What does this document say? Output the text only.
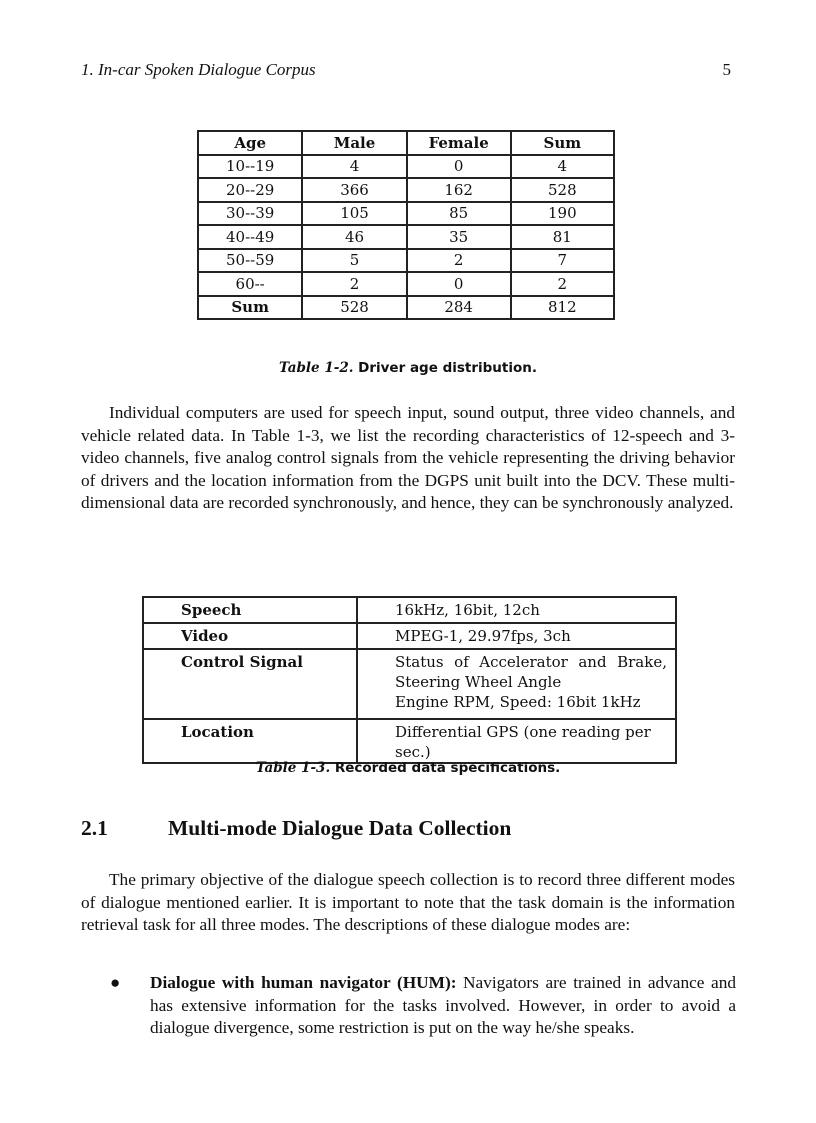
1. In-car Spoken Dialogue Corpus	5
Age	Male	Female	Sum
10--19	4	0	4
20--29	366	162	528
30--39	105	85	190
40--49	46	35	81
50--59	5	2	7
60--	2	0	2
Sum	528	284	812
Table 1-2. Driver age distribution.

Individual computers are used for speech input, sound output, three video channels, and vehicle related data. In Table 1-3, we list the recording characteristics of 12-speech and 3-video channels, five analog control signals from the vehicle representing the driving behavior of drivers and the location information from the DGPS unit built into the DCV. These multi-dimensional data are recorded synchronously, and hence, they can be synchronously analyzed.

Speech	16kHz, 16bit, 12ch
Video	MPEG-1, 29.97fps, 3ch
Control Signal	Status of Accelerator and Brake,
Steering Wheel Angle
Engine RPM, Speed: 16bit 1kHz

Location	Differential GPS (one reading per sec.)
Table 1-3. Recorded data specifications.
2.1	Multi-mode Dialogue Data Collection

The primary objective of the dialogue speech collection is to record three different modes of dialogue mentioned earlier. It is important to note that the task domain is the information retrieval task for all three modes. The descriptions of these dialogue modes are:

● Dialogue with human navigator (HUM): Navigators are trained in advance and has extensive information for the tasks involved. However, in order to avoid a dialogue divergence, some restriction is put on the way he/she speaks.
